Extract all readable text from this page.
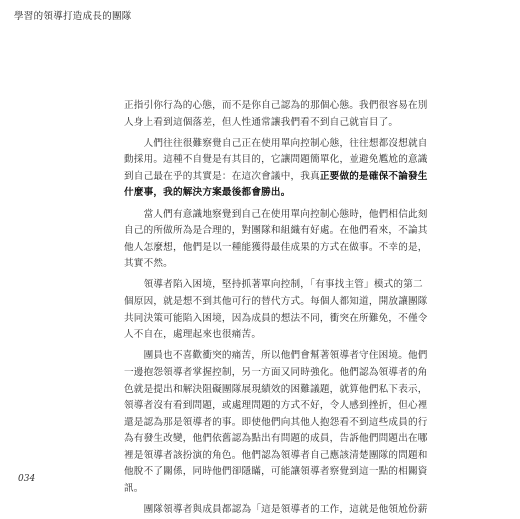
學習的領導打造成長的團隊
正指引你行為的心態，而不是你自己認為的那個心態。我們很容易在別
人身上看到這個落差，但人性通常讓我們看不到自己就盲目了。
　　人們往往很難察覺自己正在使用單向控制心態，往往想都沒想就自
動採用。這種不自覺是有其目的，它讓問題簡單化，並避免尷尬的意識
到自己最在乎的其實是：在這次會議中，我真正要做的是確保不論發生
什麼事，我的解決方案最後都會勝出。
　　當人們有意識地察覺到自己在使用單向控制心態時，他們相信此刻
自己的所做所為是合理的，對團隊和組織有好處。在他們看來，不論其
他人怎麼想，他們是以一種能獲得最佳成果的方式在做事。不幸的是，
其實不然。
　　領導者陷入困境，堅持抓著單向控制，「有事找主管」模式的第二
個原因，就是想不到其他可行的替代方式。每個人都知道，開放讓團隊
共同決策可能陷入困境，因為成員的想法不同，衝突在所難免，不僅令
人不自在，處理起來也很痛苦。
　　團員也不喜歡衝突的痛苦，所以他們會幫著領導者守住困境。他們
一邊抱怨領導者掌握控制，另一方面又同時強化。他們認為領導者的角
色就是提出和解決阻礙團隊展現績效的困難議題，就算他們私下表示，
領導者沒有看到問題，或處理問題的方式不好，令人感到挫折，但心裡
還是認為那是領導者的事。即使他們向其他人抱怨看不到這些成員的行
為有發生改變，他們依舊認為點出有問題的成員，告訴他們問題出在哪
裡是領導者該扮演的角色。他們認為領導者自己應該清楚團隊的問題和
他脫不了關係，同時他們卻隱瞞，可能讓領導者察覺到這一點的相關資
訊。
　　團隊領導者與成員都認為「這是領導者的工作，這就是他領尬份薪
034
